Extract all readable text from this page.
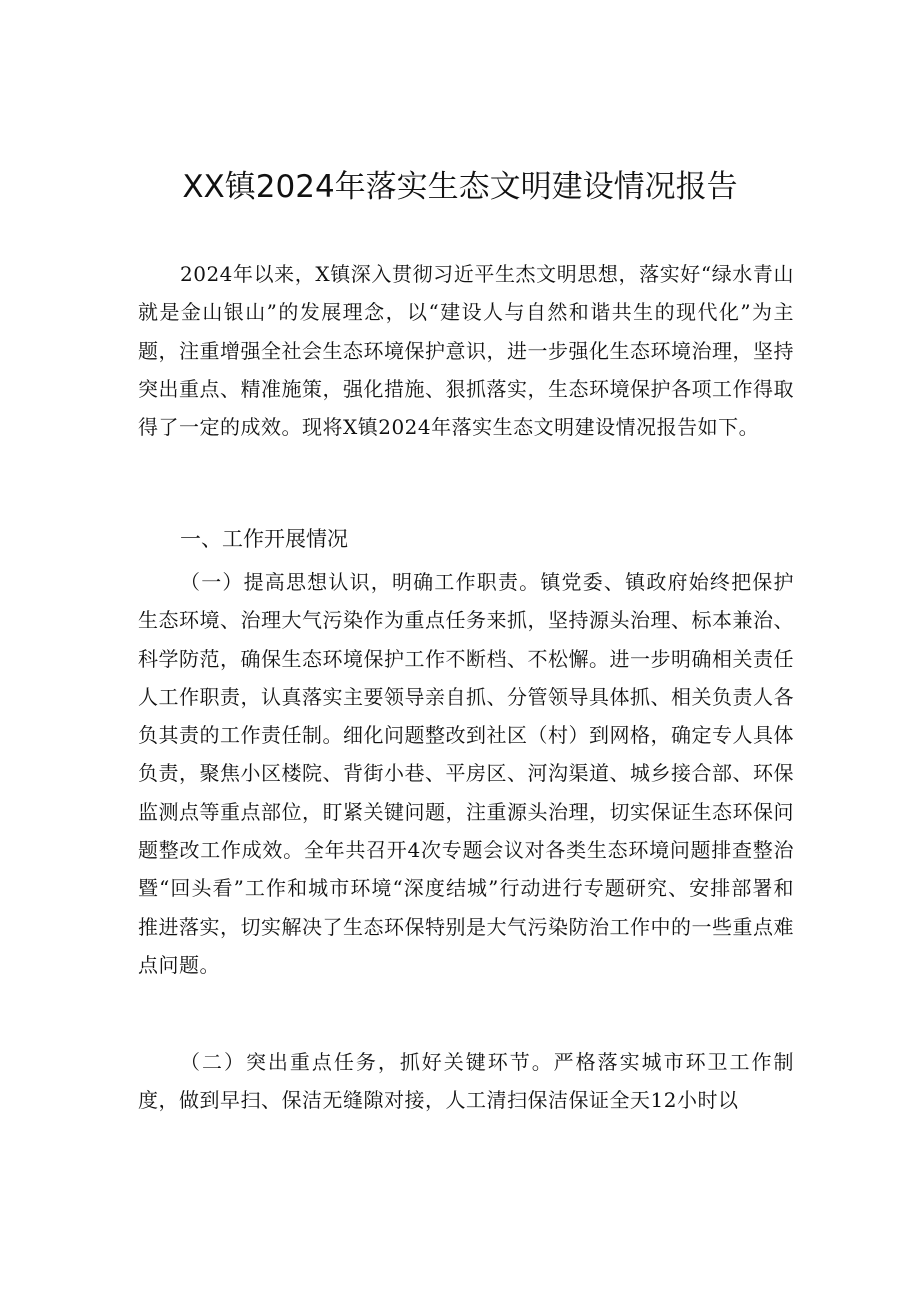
XX镇2024年落实生态文明建设情况报告

2024年以来，X镇深入贯彻习近平生杰文明思想，落实好“绿水青山就是金山银山”的发展理念，以“建设人与自然和谐共生的现代化”为主题，注重增强全社会生态环境保护意识，进一步强化生态环境治理，坚持突出重点、精准施策，强化措施、狠抓落实，生态环境保护各项工作得取得了一定的成效。现将X镇2024年落实生态文明建设情况报告如下。

一、工作开展情况

（一）提高思想认识，明确工作职责。镇党委、镇政府始终把保护生态环境、治理大气污染作为重点任务来抓，坚持源头治理、标本兼治、科学防范，确保生态环境保护工作不断档、不松懈。进一步明确相关责任人工作职责，认真落实主要领导亲自抓、分管领导具体抓、相关负责人各负其责的工作责任制。细化问题整改到社区（村）到网格，确定专人具体负责，聚焦小区楼院、背街小巷、平房区、河沟渠道、城乡接合部、环保监测点等重点部位，盯紧关键问题，注重源头治理，切实保证生态环保问题整改工作成效。全年共召开4次专题会议对各类生态环境问题排查整治暨“回头看”工作和城市环境“深度结城”行动进行专题研究、安排部署和推进落实，切实解决了生态环保特别是大气污染防治工作中的一些重点难点问题。

（二）突出重点任务，抓好关键环节。严格落实城市环卫工作制度，做到早扫、保洁无缝隙对接，人工清扫保洁保证全天12小时以
